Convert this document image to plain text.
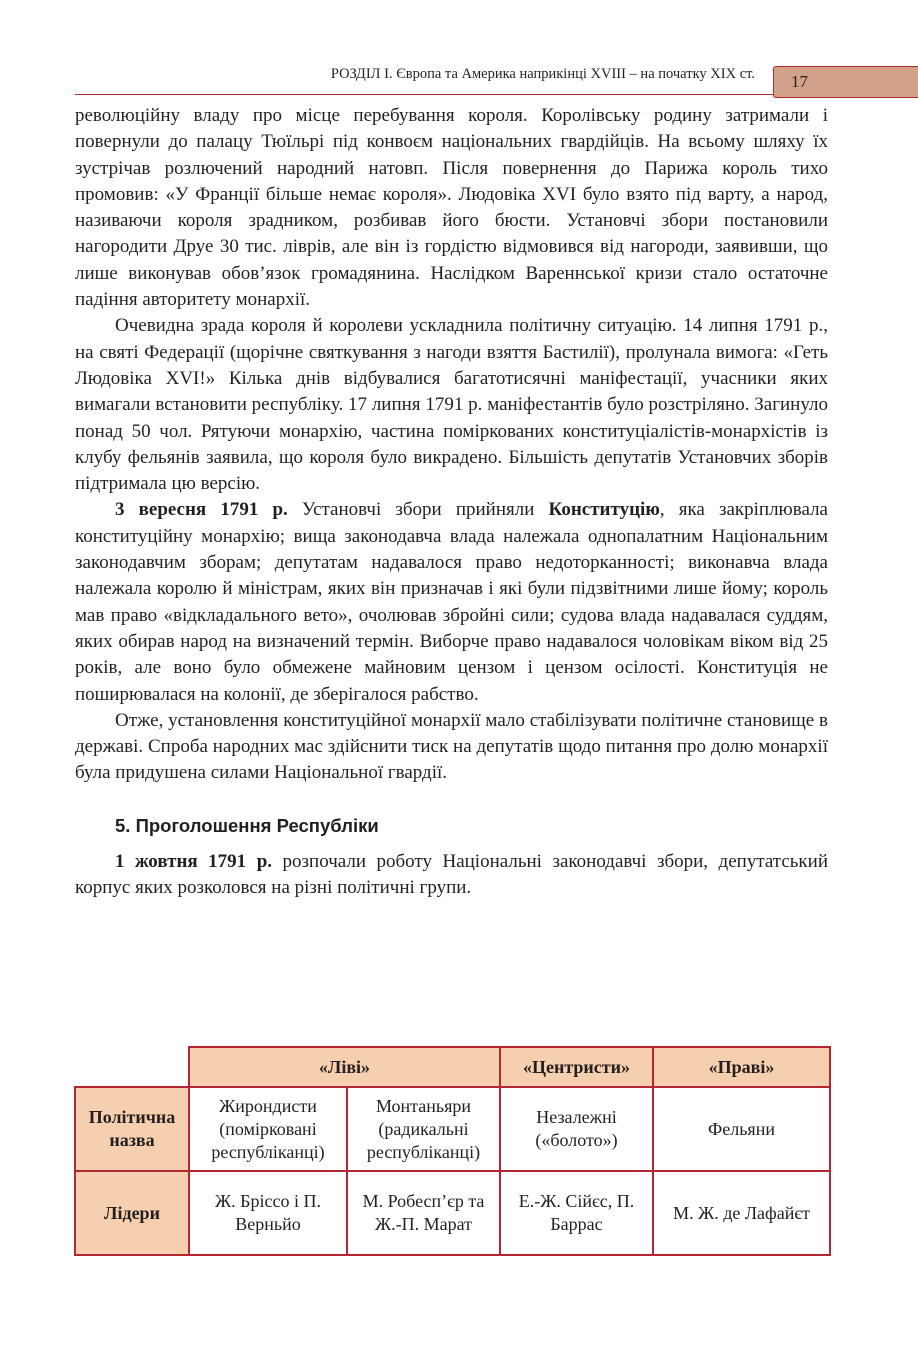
РОЗДІЛ І. Європа та Америка наприкінці XVIII – на початку XIX ст.	17

революційну владу про місце перебування короля. Королівську родину затримали і повернули до палацу Тюїльрі під конвоєм національних гвардійців. На всьому шляху їх зустрічав розлючений народний натовп. Після повернення до Парижа король тихо промовив: «У Франції більше немає короля». Людовіка XVI було взято під варту, а народ, називаючи короля зрадником, розбивав його бюсти. Установчі збори постановили нагородити Друе 30 тис. ліврів, але він із гордістю відмовився від нагороди, заявивши, що лише виконував обов’язок громадянина. Наслідком Вареннської кризи стало остаточне падіння авторитету монархії.

Очевидна зрада короля й королеви ускладнила політичну ситуацію. 14 липня 1791 р., на святі Федерації (щорічне святкування з нагоди взяття Бастилії), пролунала вимога: «Геть Людовіка XVI!» Кілька днів відбувалися багатотисячні маніфестації, учасники яких вимагали встановити республіку. 17 липня 1791 р. маніфестантів було розстріляно. Загинуло понад 50 чол. Рятуючи монархію, частина поміркованих конституціалістів-монархістів із клубу фельянів заявила, що короля було викрадено. Більшість депутатів Установчих зборів підтримала цю версію.

3 вересня 1791 р. Установчі збори прийняли Конституцію, яка закріплювала конституційну монархію; вища законодавча влада належала однопалатним Національним законодавчим зборам; депутатам надавалося право недоторканності; виконавча влада належала королю й міністрам, яких він призначав і які були підзвітними лише йому; король мав право «відкладального вето», очолював збройні сили; судова влада надавалася суддям, яких обирав народ на визначений термін. Виборче право надавалося чоловікам віком від 25 років, але воно було обмежене майновим цензом і цензом осілості. Конституція не поширювалася на колонії, де зберігалося рабство.

Отже, установлення конституційної монархії мало стабілізувати політичне становище в державі. Спроба народних мас здійснити тиск на депутатів щодо питання про долю монархії була придушена силами Національної гвардії.

5. Проголошення Республіки

1 жовтня 1791 р. розпочали роботу Національні законодавчі збори, депутатський корпус яких розколовся на різні політичні групи.

	«Ліві»		«Центристи»	«Праві»
Політична назва	Жирондисти (помірковані республіканці)	Монтаньяри (радикальні республіканці)	Незалежні («болото»)	Фельяни
Лідери	Ж. Бріссо і П. Верньйо	М. Робесп’єр та Ж.-П. Марат	Е.-Ж. Сійєс, П. Баррас	М. Ж. де Лафайєт
